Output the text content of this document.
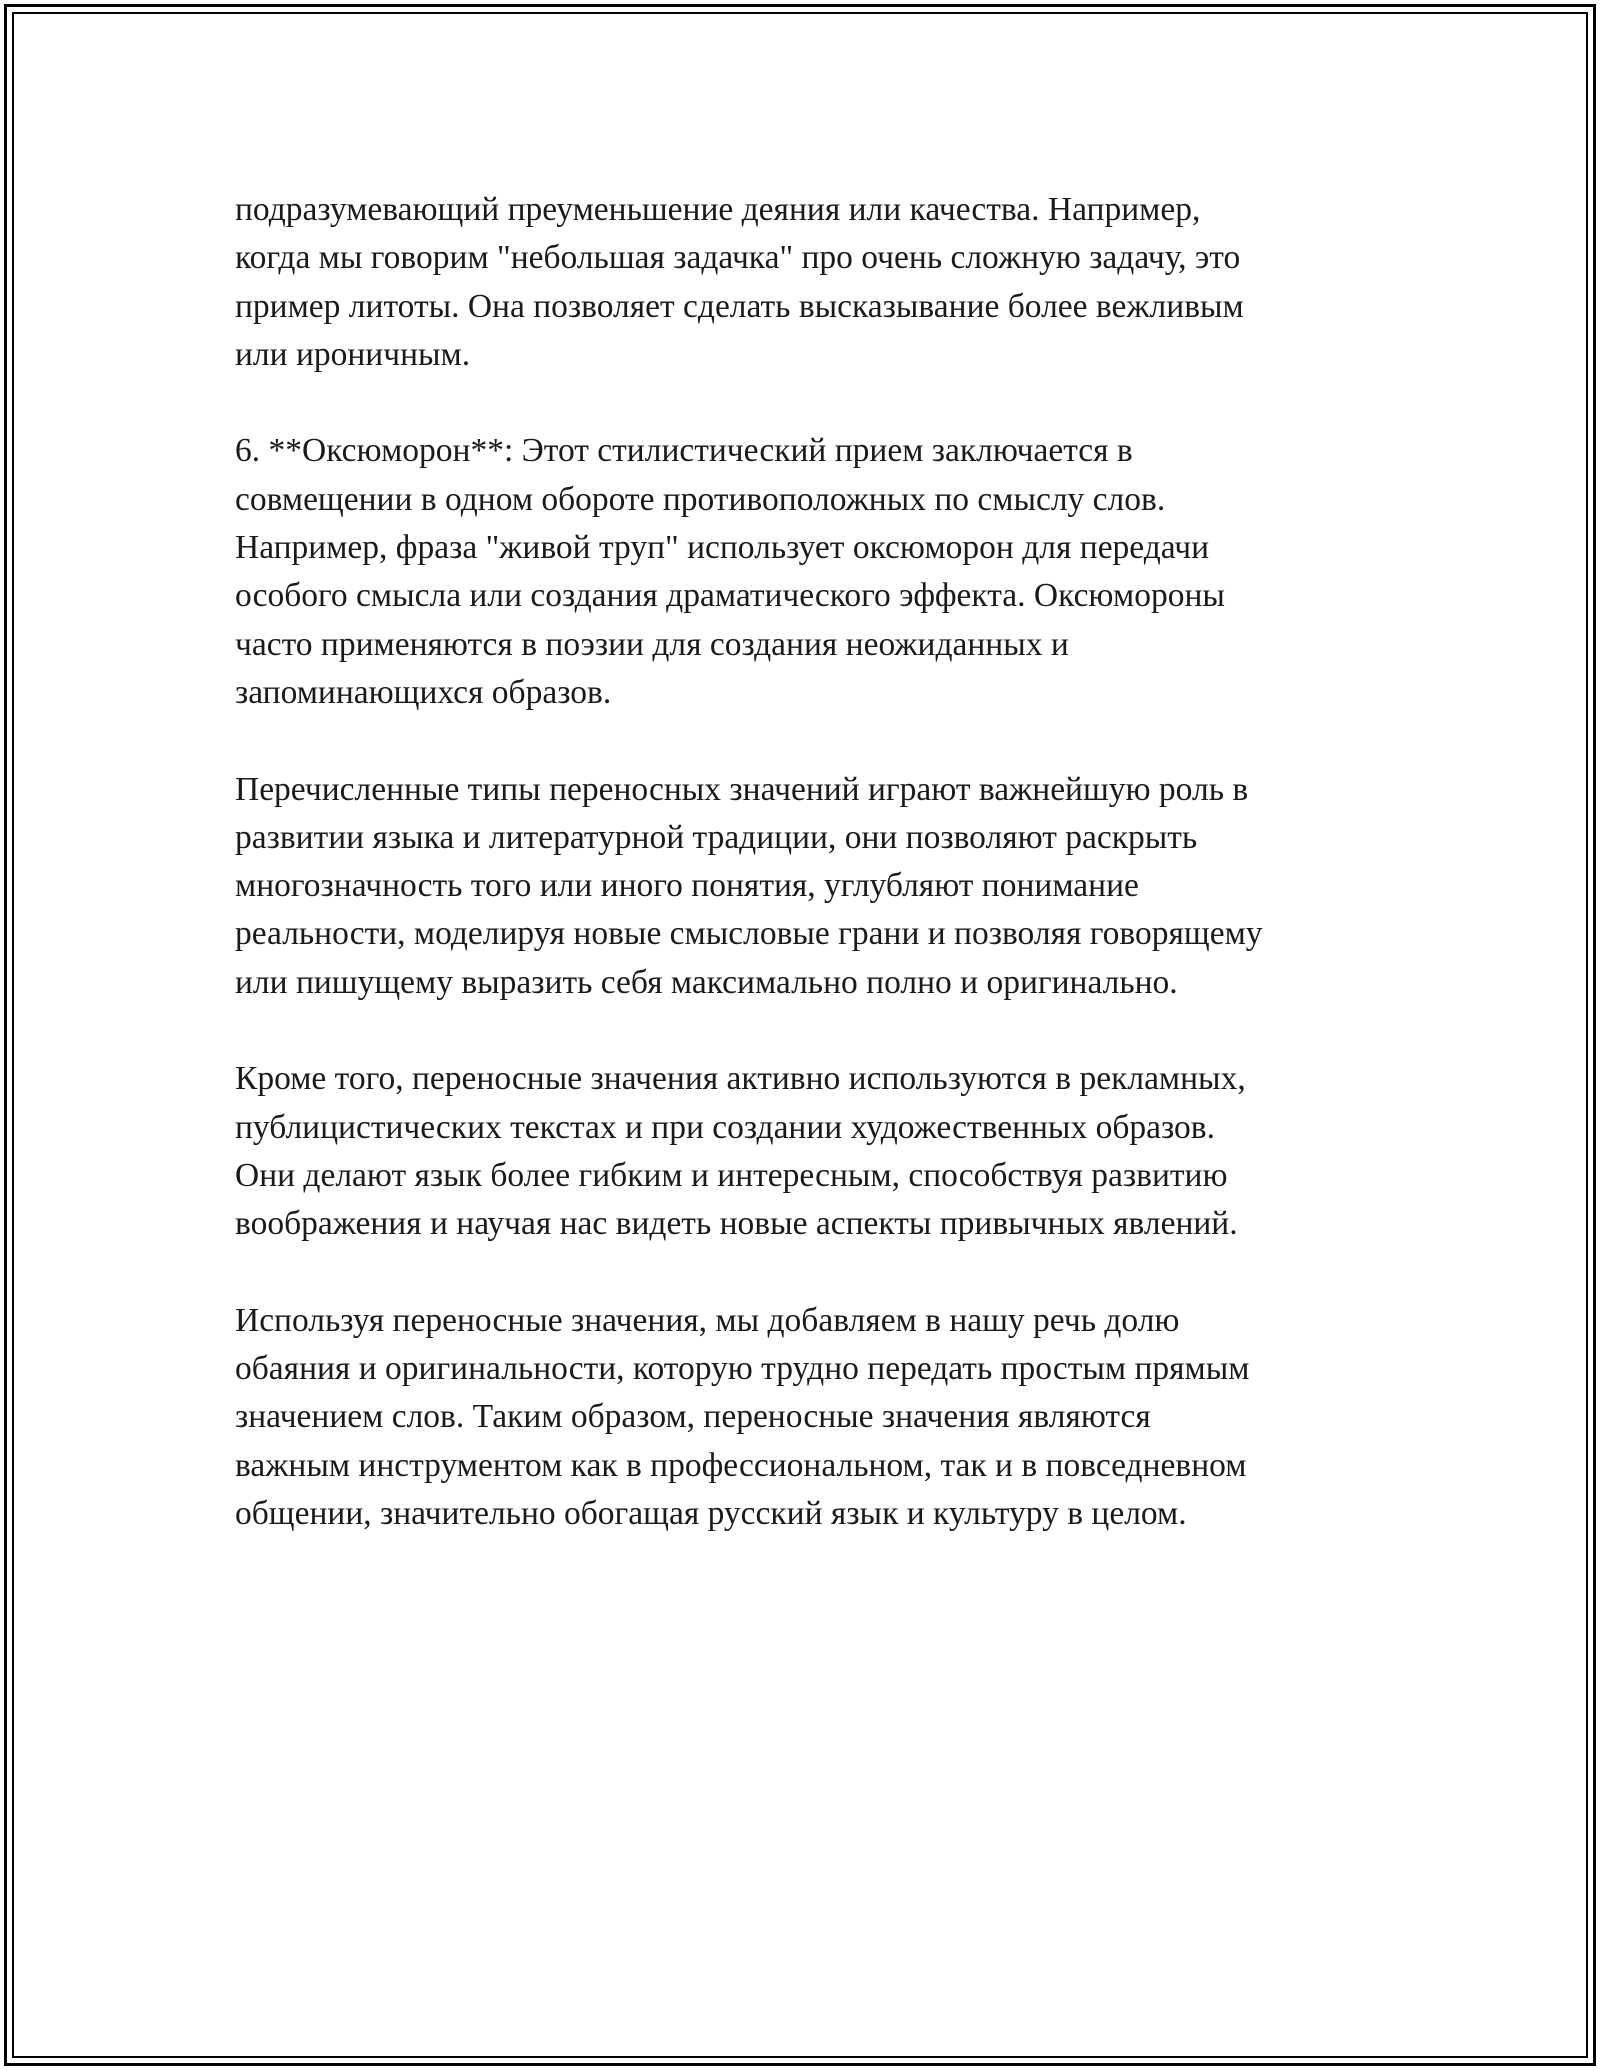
подразумевающий преуменьшение деяния или качества. Например,
когда мы говорим "небольшая задачка" про очень сложную задачу, это
пример литоты. Она позволяет сделать высказывание более вежливым
или ироничным.

6. **Оксюморон**: Этот стилистический прием заключается в
совмещении в одном обороте противоположных по смыслу слов.
Например, фраза "живой труп" использует оксюморон для передачи
особого смысла или создания драматического эффекта. Оксюмороны
часто применяются в поэзии для создания неожиданных и
запоминающихся образов.

Перечисленные типы переносных значений играют важнейшую роль в
развитии языка и литературной традиции, они позволяют раскрыть
многозначность того или иного понятия, углубляют понимание
реальности, моделируя новые смысловые грани и позволяя говорящему
или пишущему выразить себя максимально полно и оригинально.

Кроме того, переносные значения активно используются в рекламных,
публицистических текстах и при создании художественных образов.
Они делают язык более гибким и интересным, способствуя развитию
воображения и научая нас видеть новые аспекты привычных явлений.

Используя переносные значения, мы добавляем в нашу речь долю
обаяния и оригинальности, которую трудно передать простым прямым
значением слов. Таким образом, переносные значения являются
важным инструментом как в профессиональном, так и в повседневном
общении, значительно обогащая русский язык и культуру в целом.
